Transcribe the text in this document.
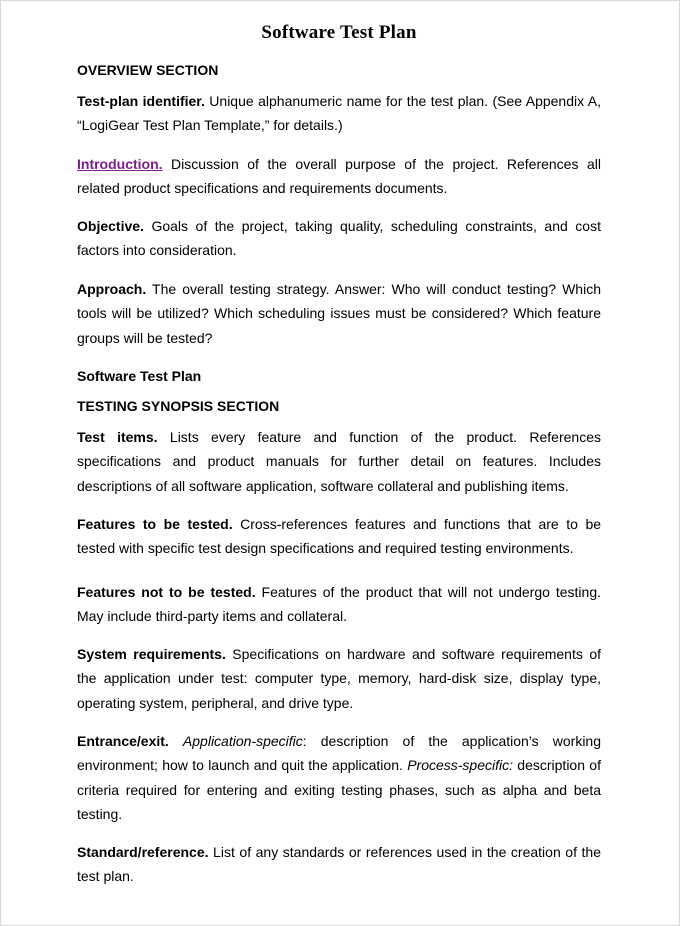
Software Test Plan
OVERVIEW SECTION

Test-plan identifier. Unique alphanumeric name for the test plan. (See Appendix A, “LogiGear Test Plan Template,” for details.)

Introduction. Discussion of the overall purpose of the project. References all related product specifications and requirements documents.

Objective. Goals of the project, taking quality, scheduling constraints, and cost factors into consideration.

Approach. The overall testing strategy. Answer: Who will conduct testing? Which tools will be utilized? Which scheduling issues must be considered? Which feature groups will be tested?

Software Test Plan
TESTING SYNOPSIS SECTION

Test items. Lists every feature and function of the product. References specifications and product manuals for further detail on features. Includes descriptions of all software application, software collateral and publishing items.

Features to be tested. Cross-references features and functions that are to be tested with specific test design specifications and required testing environments.

Features not to be tested. Features of the product that will not undergo testing. May include third-party items and collateral.

System requirements. Specifications on hardware and software requirements of the application under test: computer type, memory, hard-disk size, display type, operating system, peripheral, and drive type.

Entrance/exit. Application-specific: description of the application’s working environment; how to launch and quit the application. Process-specific: description of criteria required for entering and exiting testing phases, such as alpha and beta testing.

Standard/reference. List of any standards or references used in the creation of the test plan.
